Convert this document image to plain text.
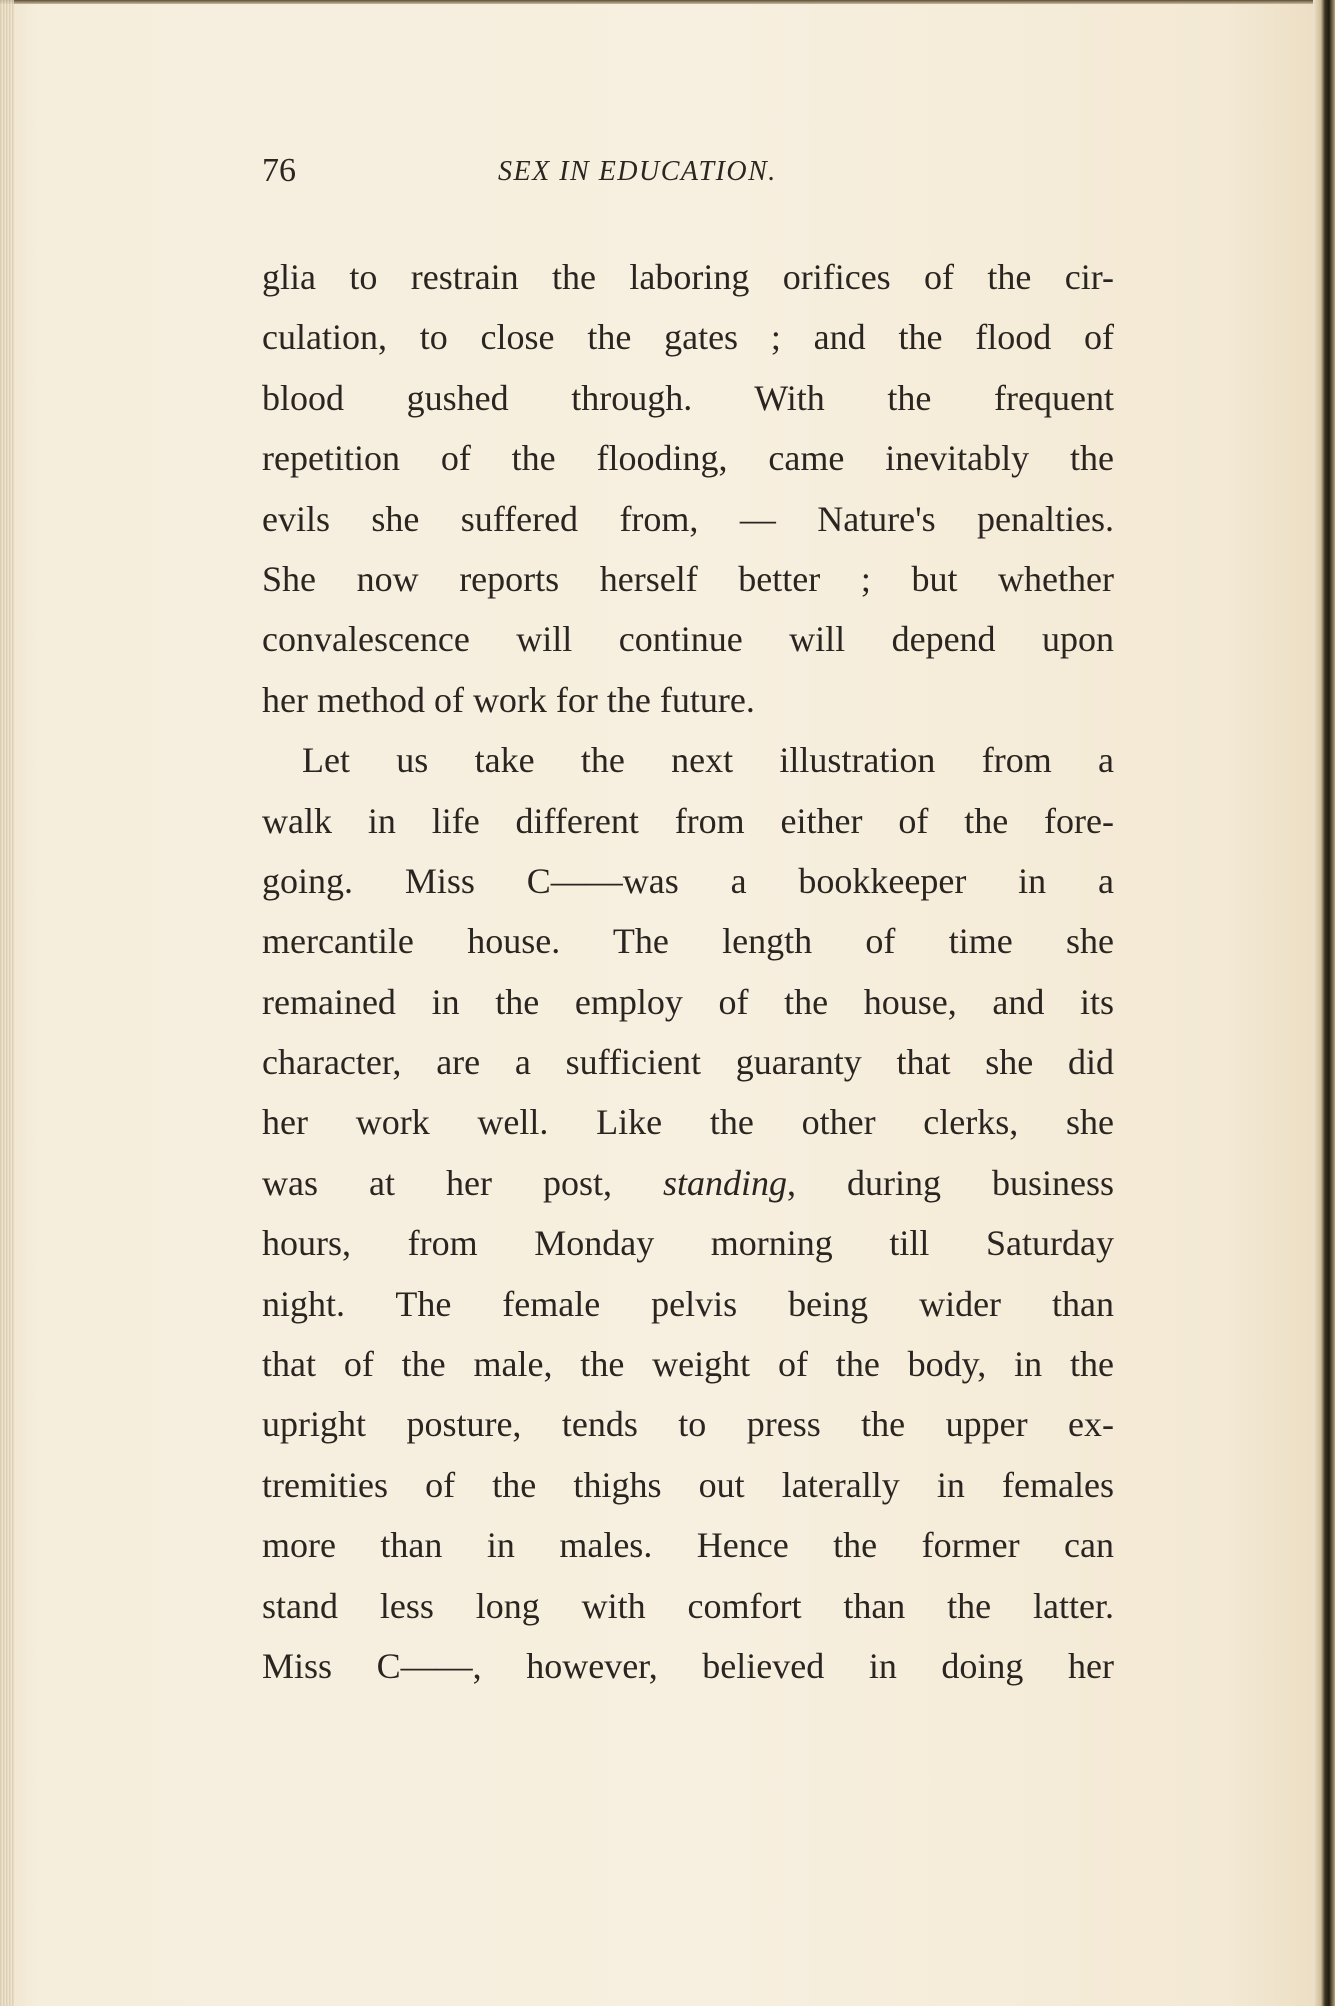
76	SEX IN EDUCATION.
glia to restrain the laboring orifices of the cir-
culation, to close the gates ; and the flood of
blood gushed through. With the frequent
repetition of the flooding, came inevitably the
evils she suffered from, — Nature's penalties.
She now reports herself better ; but whether
convalescence will continue will depend upon
her method of work for the future.
Let us take the next illustration from a
walk in life different from either of the fore-
going. Miss C——was a bookkeeper in a
mercantile house. The length of time she
remained in the employ of the house, and its
character, are a sufficient guaranty that she did
her work well. Like the other clerks, she
was at her post, standing, during business
hours, from Monday morning till Saturday
night. The female pelvis being wider than
that of the male, the weight of the body, in the
upright posture, tends to press the upper ex-
tremities of the thighs out laterally in females
more than in males. Hence the former can
stand less long with comfort than the latter.
Miss C——, however, believed in doing her
